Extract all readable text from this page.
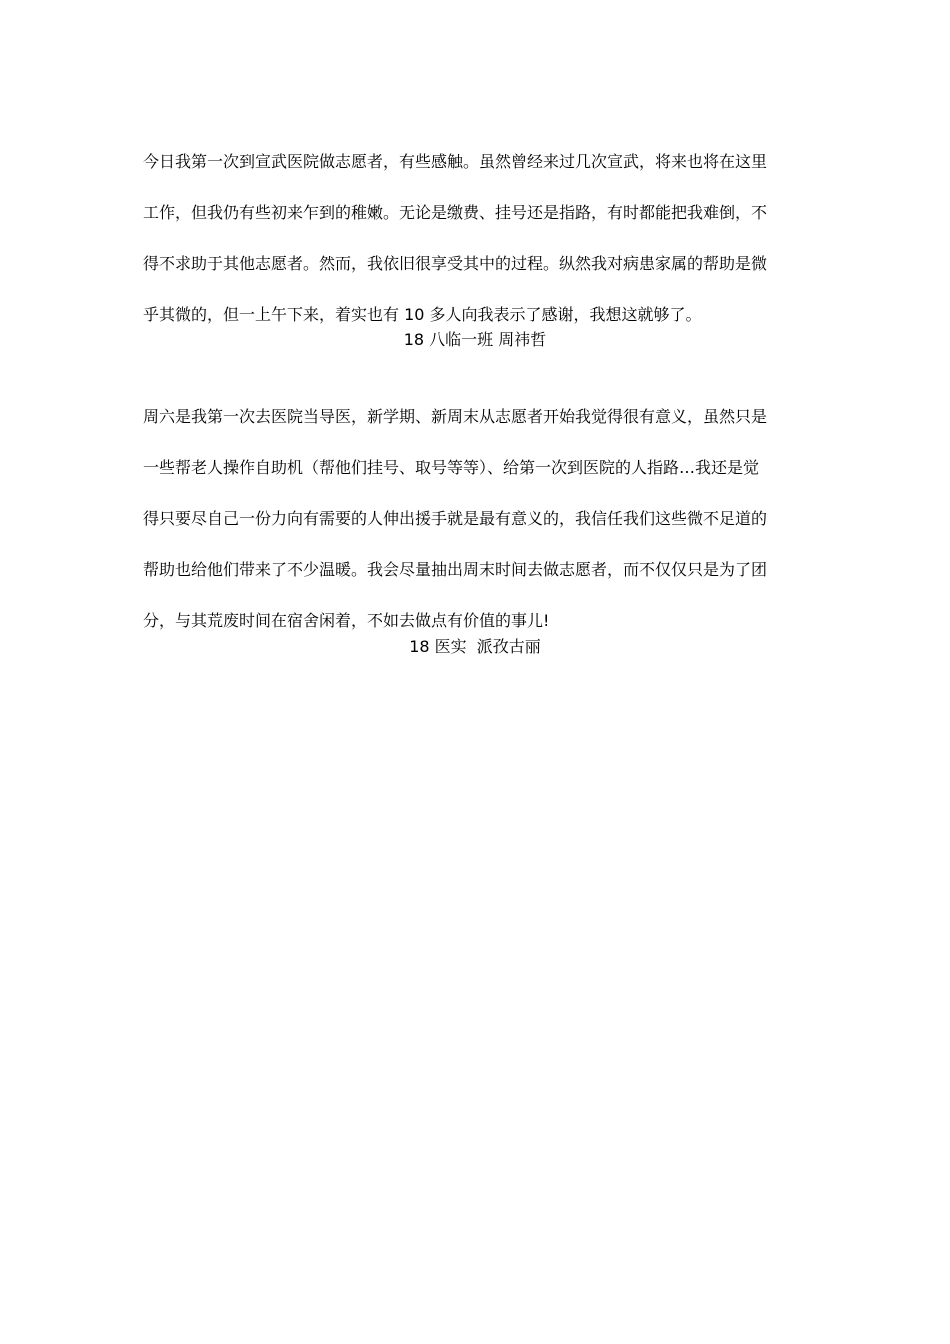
今日我第一次到宣武医院做志愿者，有些感触。虽然曾经来过几次宣武，将来也将在这里

工作，但我仍有些初来乍到的稚嫩。无论是缴费、挂号还是指路，有时都能把我难倒，不

得不求助于其他志愿者。然而，我依旧很享受其中的过程。纵然我对病患家属的帮助是微

乎其微的，但一上午下来，着实也有 10 多人向我表示了感谢，我想这就够了。

18 八临一班 周祎哲

周六是我第一次去医院当导医，新学期、新周末从志愿者开始我觉得很有意义，虽然只是

一些帮老人操作自助机（帮他们挂号、取号等等）、给第一次到医院的人指路…我还是觉

得只要尽自己一份力向有需要的人伸出援手就是最有意义的，我信任我们这些微不足道的

帮助也给他们带来了不少温暖。我会尽量抽出周末时间去做志愿者，而不仅仅只是为了团

分，与其荒废时间在宿舍闲着，不如去做点有价值的事儿!

18 医实  派孜古丽
